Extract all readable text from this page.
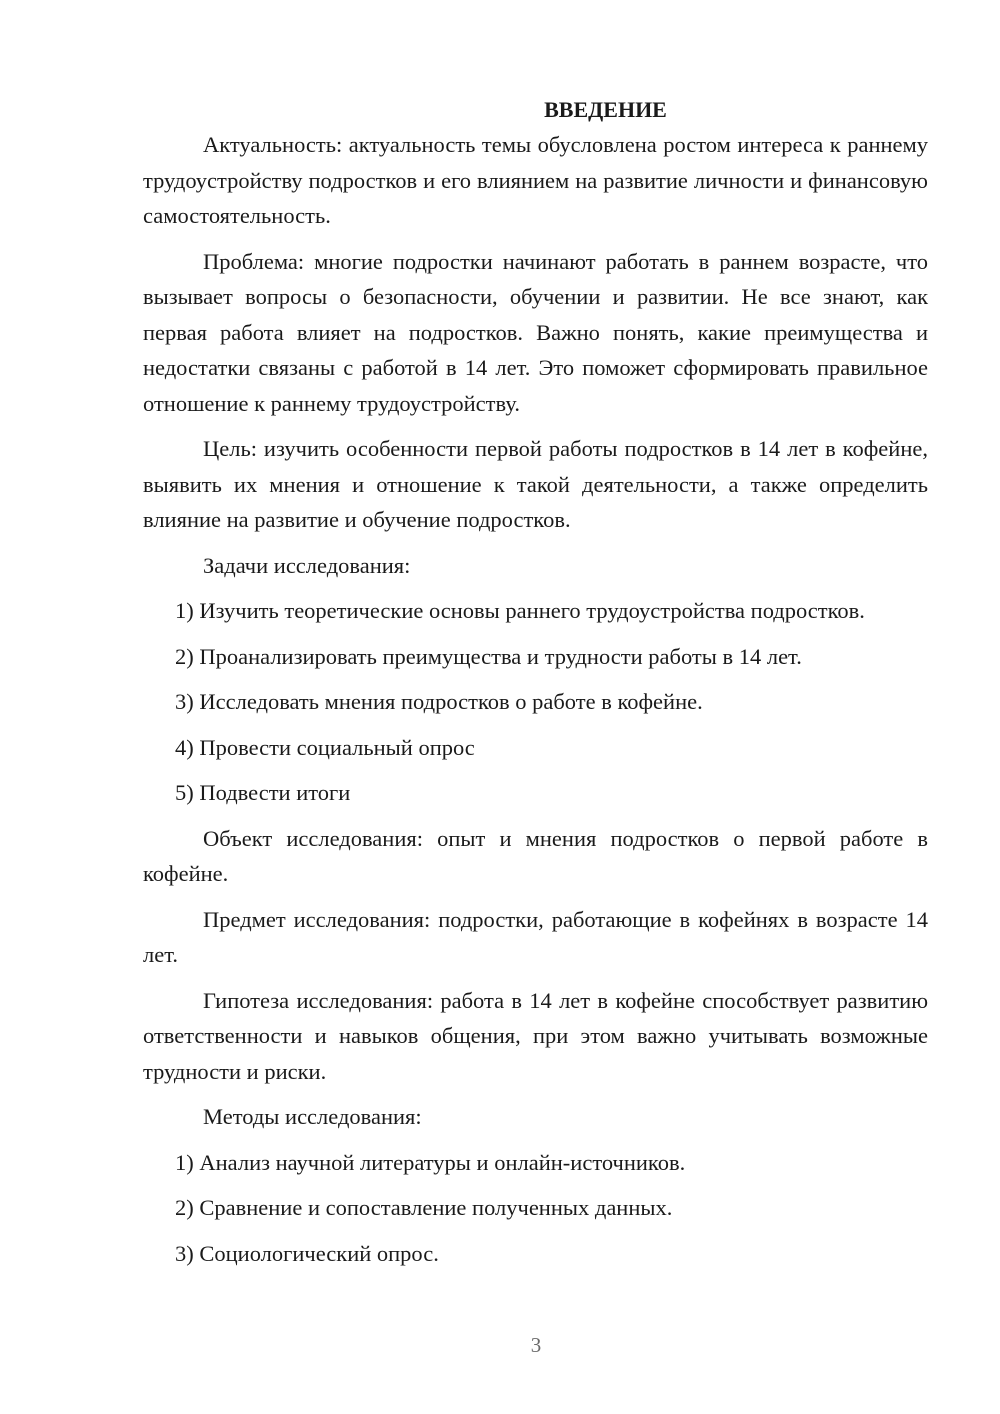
ВВЕДЕНИЕ

Актуальность: актуальность темы обусловлена ростом интереса к раннему трудоустройству подростков и его влиянием на развитие личности и финансовую самостоятельность.

Проблема: многие подростки начинают работать в раннем возрасте, что вызывает вопросы о безопасности, обучении и развитии. Не все знают, как первая работа влияет на подростков. Важно понять, какие преимущества и недостатки связаны с работой в 14 лет. Это поможет сформировать правильное отношение к раннему трудоустройству.

Цель: изучить особенности первой работы подростков в 14 лет в кофейне, выявить их мнения и отношение к такой деятельности, а также определить влияние на развитие и обучение подростков.

Задачи исследования:
1) Изучить теоретические основы раннего трудоустройства подростков.
2) Проанализировать преимущества и трудности работы в 14 лет.
3) Исследовать мнения подростков о работе в кофейне.
4) Провести социальный опрос
5) Подвести итоги

Объект исследования: опыт и мнения подростков о первой работе в кофейне.

Предмет исследования: подростки, работающие в кофейнях в возрасте 14 лет.

Гипотеза исследования: работа в 14 лет в кофейне способствует развитию ответственности и навыков общения, при этом важно учитывать возможные трудности и риски.

Методы исследования:
1) Анализ научной литературы и онлайн-источников.
2) Сравнение и сопоставление полученных данных.
3) Социологический опрос.
3
